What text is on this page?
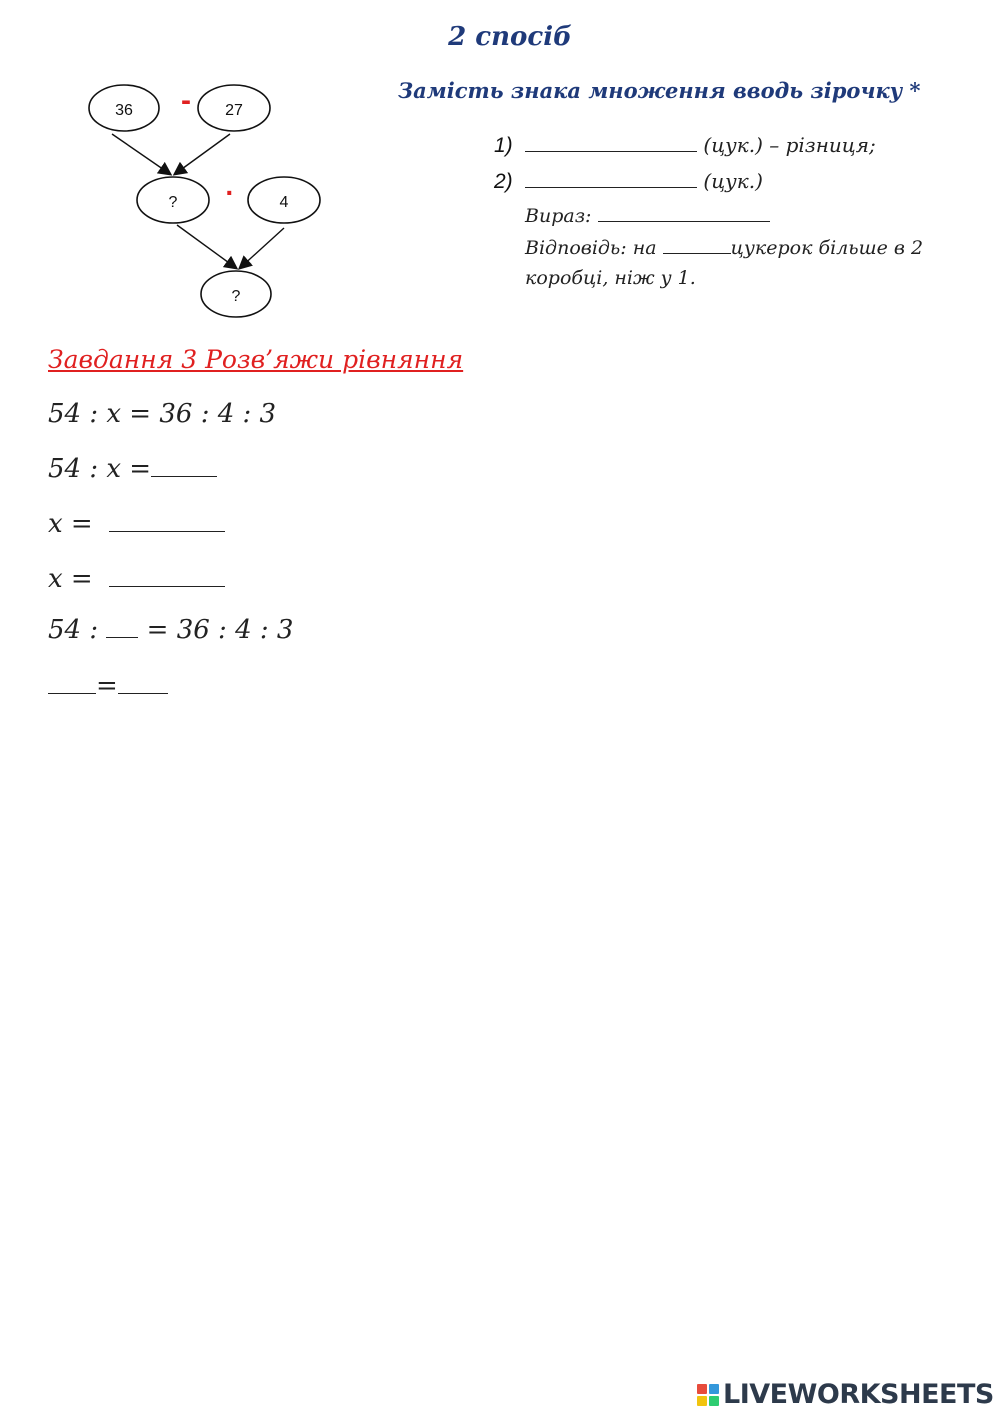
2 спосіб
Замість знака множення вводь зірочку *
36	27
?	4
?
-
·
1)	(цук.) – різниця;
2)	(цук.)
Вираз:
Відповідь: на	цукерок більше в 2
коробці, ніж у 1.
Завдання 3 Розв’яжи рівняння
54 : х = 36 : 4 : 3
54 : х =
х =
х =
54 : = 36 : 4 : 3
=
LIVEWORKSHEETS
